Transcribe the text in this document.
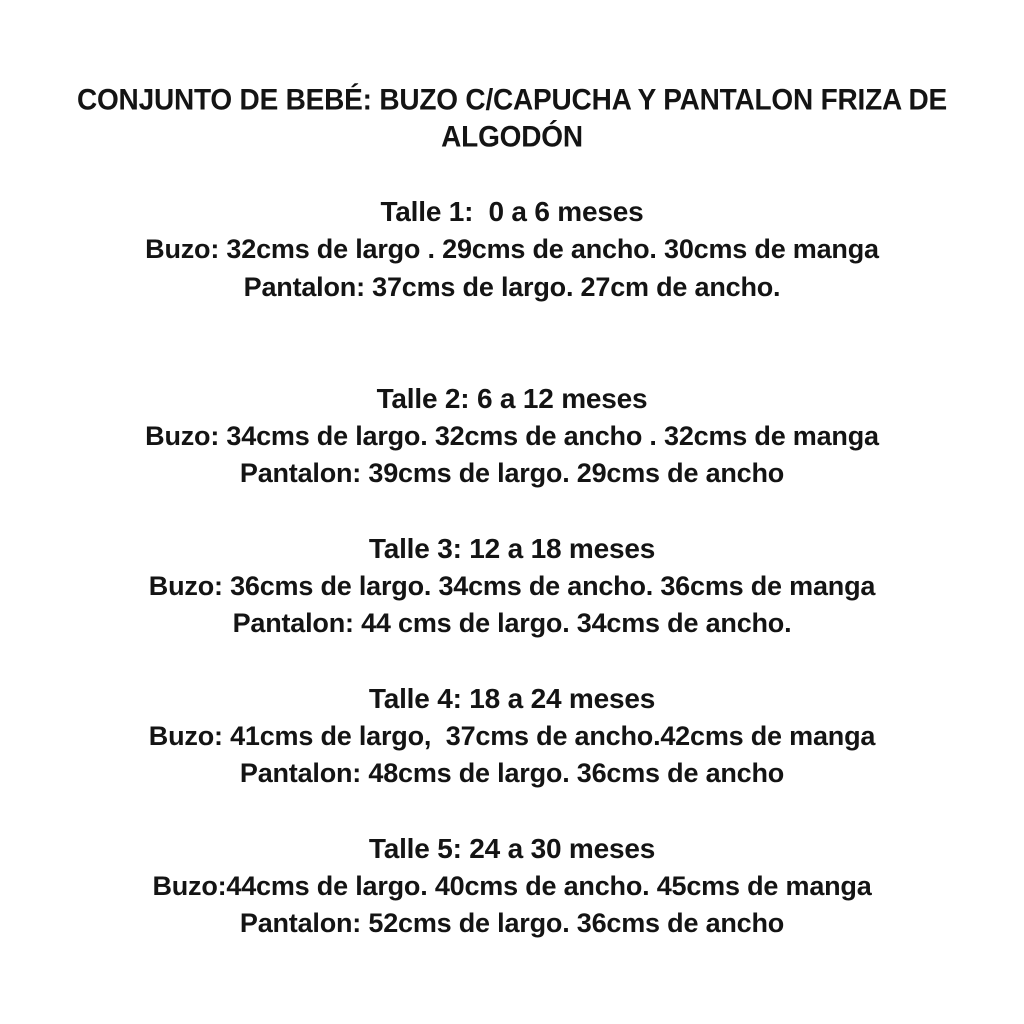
CONJUNTO DE BEBÉ: BUZO C/CAPUCHA Y PANTALON FRIZA DE
ALGODÓN
Talle 1:  0 a 6 meses
Buzo: 32cms de largo . 29cms de ancho. 30cms de manga
Pantalon: 37cms de largo. 27cm de ancho.
Talle 2: 6 a 12 meses
Buzo: 34cms de largo. 32cms de ancho . 32cms de manga
Pantalon: 39cms de largo. 29cms de ancho
Talle 3: 12 a 18 meses
Buzo: 36cms de largo. 34cms de ancho. 36cms de manga
Pantalon: 44 cms de largo. 34cms de ancho.
Talle 4: 18 a 24 meses
Buzo: 41cms de largo,  37cms de ancho.42cms de manga
Pantalon: 48cms de largo. 36cms de ancho
Talle 5: 24 a 30 meses
Buzo:44cms de largo. 40cms de ancho. 45cms de manga
Pantalon: 52cms de largo. 36cms de ancho
